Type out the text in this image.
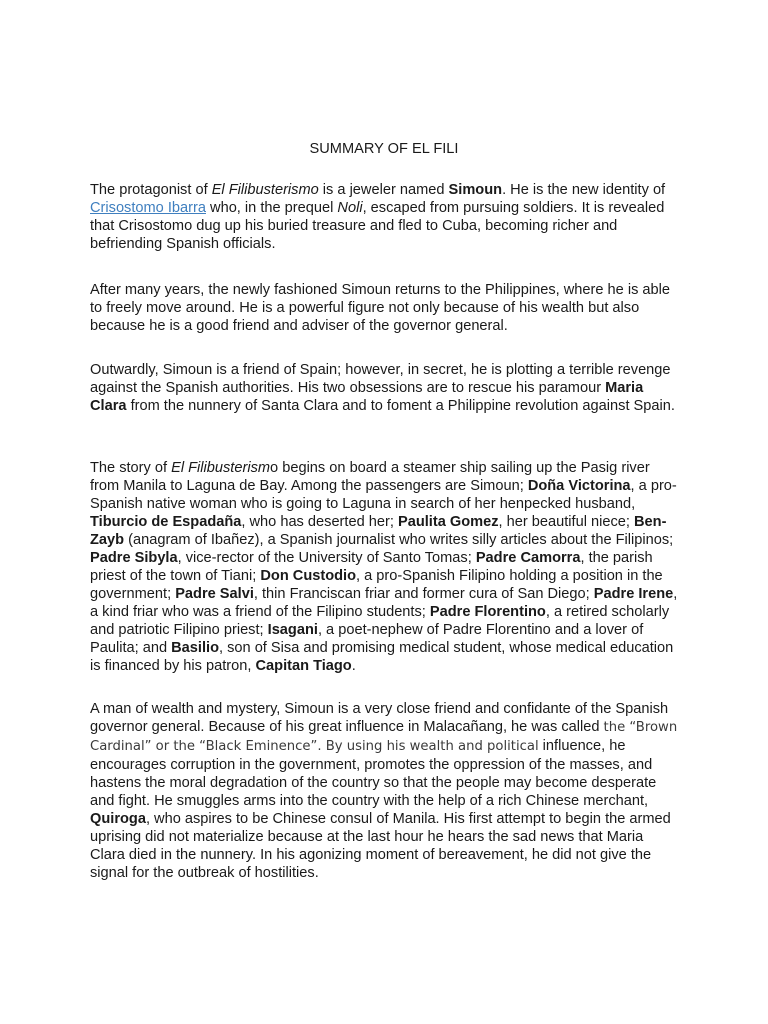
SUMMARY OF EL FILI

The protagonist of El Filibusterismo is a jeweler named Simoun. He is the new identity of Crisostomo Ibarra who, in the prequel Noli, escaped from pursuing soldiers. It is revealed that Crisostomo dug up his buried treasure and fled to Cuba, becoming richer and befriending Spanish officials.

After many years, the newly fashioned Simoun returns to the Philippines, where he is able to freely move around. He is a powerful figure not only because of his wealth but also because he is a good friend and adviser of the governor general.

Outwardly, Simoun is a friend of Spain; however, in secret, he is plotting a terrible revenge against the Spanish authorities. His two obsessions are to rescue his paramour Maria Clara from the nunnery of Santa Clara and to foment a Philippine revolution against Spain.

The story of El Filibusterismo begins on board a steamer ship sailing up the Pasig river from Manila to Laguna de Bay. Among the passengers are Simoun; Doña Victorina, a pro-Spanish native woman who is going to Laguna in search of her henpecked husband, Tiburcio de Espadaña, who has deserted her; Paulita Gomez, her beautiful niece; Ben-Zayb (anagram of Ibañez), a Spanish journalist who writes silly articles about the Filipinos; Padre Sibyla, vice-rector of the University of Santo Tomas; Padre Camorra, the parish priest of the town of Tiani; Don Custodio, a pro-Spanish Filipino holding a position in the government; Padre Salvi, thin Franciscan friar and former cura of San Diego; Padre Irene, a kind friar who was a friend of the Filipino students; Padre Florentino, a retired scholarly and patriotic Filipino priest; Isagani, a poet-nephew of Padre Florentino and a lover of Paulita; and Basilio, son of Sisa and promising medical student, whose medical education is financed by his patron, Capitan Tiago.

A man of wealth and mystery, Simoun is a very close friend and confidante of the Spanish governor general. Because of his great influence in Malacañang, he was called the “Brown Cardinal” or the “Black Eminence”. By using his wealth and political influence, he encourages corruption in the government, promotes the oppression of the masses, and hastens the moral degradation of the country so that the people may become desperate and fight. He smuggles arms into the country with the help of a rich Chinese merchant, Quiroga, who aspires to be Chinese consul of Manila. His first attempt to begin the armed uprising did not materialize because at the last hour he hears the sad news that Maria Clara died in the nunnery. In his agonizing moment of bereavement, he did not give the signal for the outbreak of hostilities.
